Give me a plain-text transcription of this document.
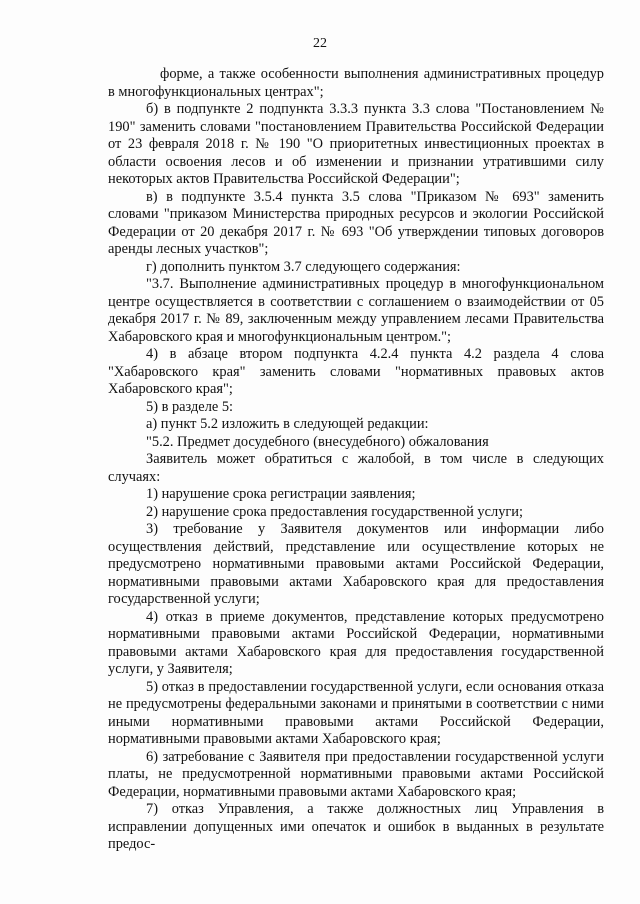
22

форме, а также особенности выполнения административных процедур в многофункциональных центрах";

б) в подпункте 2 подпункта 3.3.3 пункта 3.3 слова "Постановлением № 190" заменить словами "постановлением Правительства Российской Федерации от 23 февраля 2018 г. № 190 "О приоритетных инвестиционных проектах в области освоения лесов и об изменении и признании утратившими силу некоторых актов Правительства Российской Федерации";

в) в подпункте 3.5.4 пункта 3.5 слова "Приказом № 693" заменить словами "приказом Министерства природных ресурсов и экологии Российской Федерации от 20 декабря 2017 г. № 693 "Об утверждении типовых договоров аренды лесных участков";

г) дополнить пунктом 3.7 следующего содержания:

"3.7. Выполнение административных процедур в многофункциональном центре осуществляется в соответствии с соглашением о взаимодействии от 05 декабря 2017 г. № 89, заключенным между управлением лесами Правительства Хабаровского края и многофункциональным центром.";

4) в абзаце втором подпункта 4.2.4 пункта 4.2 раздела 4 слова "Хабаровского края" заменить словами "нормативных правовых актов Хабаровского края";

5) в разделе 5:

а) пункт 5.2 изложить в следующей редакции:

"5.2. Предмет досудебного (внесудебного) обжалования

Заявитель может обратиться с жалобой, в том числе в следующих случаях:

1) нарушение срока регистрации заявления;

2) нарушение срока предоставления государственной услуги;

3) требование у Заявителя документов или информации либо осуществления действий, представление или осуществление которых не предусмотрено нормативными правовыми актами Российской Федерации, нормативными правовыми актами Хабаровского края для предоставления государственной услуги;

4) отказ в приеме документов, представление которых предусмотрено нормативными правовыми актами Российской Федерации, нормативными правовыми актами Хабаровского края для предоставления государственной услуги, у Заявителя;

5) отказ в предоставлении государственной услуги, если основания отказа не предусмотрены федеральными законами и принятыми в соответствии с ними иными нормативными правовыми актами Российской Федерации, нормативными правовыми актами Хабаровского края;

6) затребование с Заявителя при предоставлении государственной услуги платы, не предусмотренной нормативными правовыми актами Российской Федерации, нормативными правовыми актами Хабаровского края;

7) отказ Управления, а также должностных лиц Управления в исправлении допущенных ими опечаток и ошибок в выданных в результате предос-
